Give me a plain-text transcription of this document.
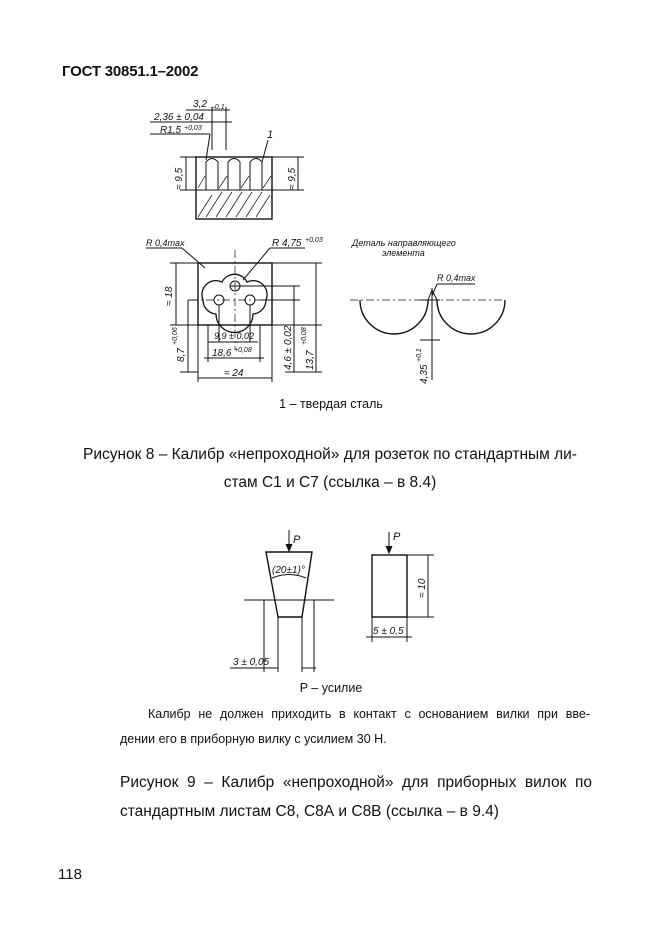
ГОСТ 30851.1–2002
3,2 –0,1
2,36 ± 0,04
R1,5 +0,03
1
≈ 9,5	≈ 9,5
R 0,4max	R 4,75 +0,03	Деталь направляющего
элемента
R 0,4max
≈ 18
8,7
+0,06	9,9 ± 0,02
18,6 +0,08
≈ 24
4,6 ± 0,02 13,7
+0,08
4,35
+0,1
P
(20±1)°
3 ± 0,05
P
≈ 10
5 ± 0,5
1 – твердая сталь
Рисунок 8 – Калибр «непроходной» для розеток по стандартным ли-
стам С1 и С7 (ссылка – в 8.4)
P – усилие
Калибр не должен приходить в контакт с основанием вилки при вве-
дении его в приборную вилку с усилием 30 Н.
Рисунок 9 – Калибр «непроходной» для приборных вилок по
стандартным листам С8, С8А и С8В (ссылка – в 9.4)
118
